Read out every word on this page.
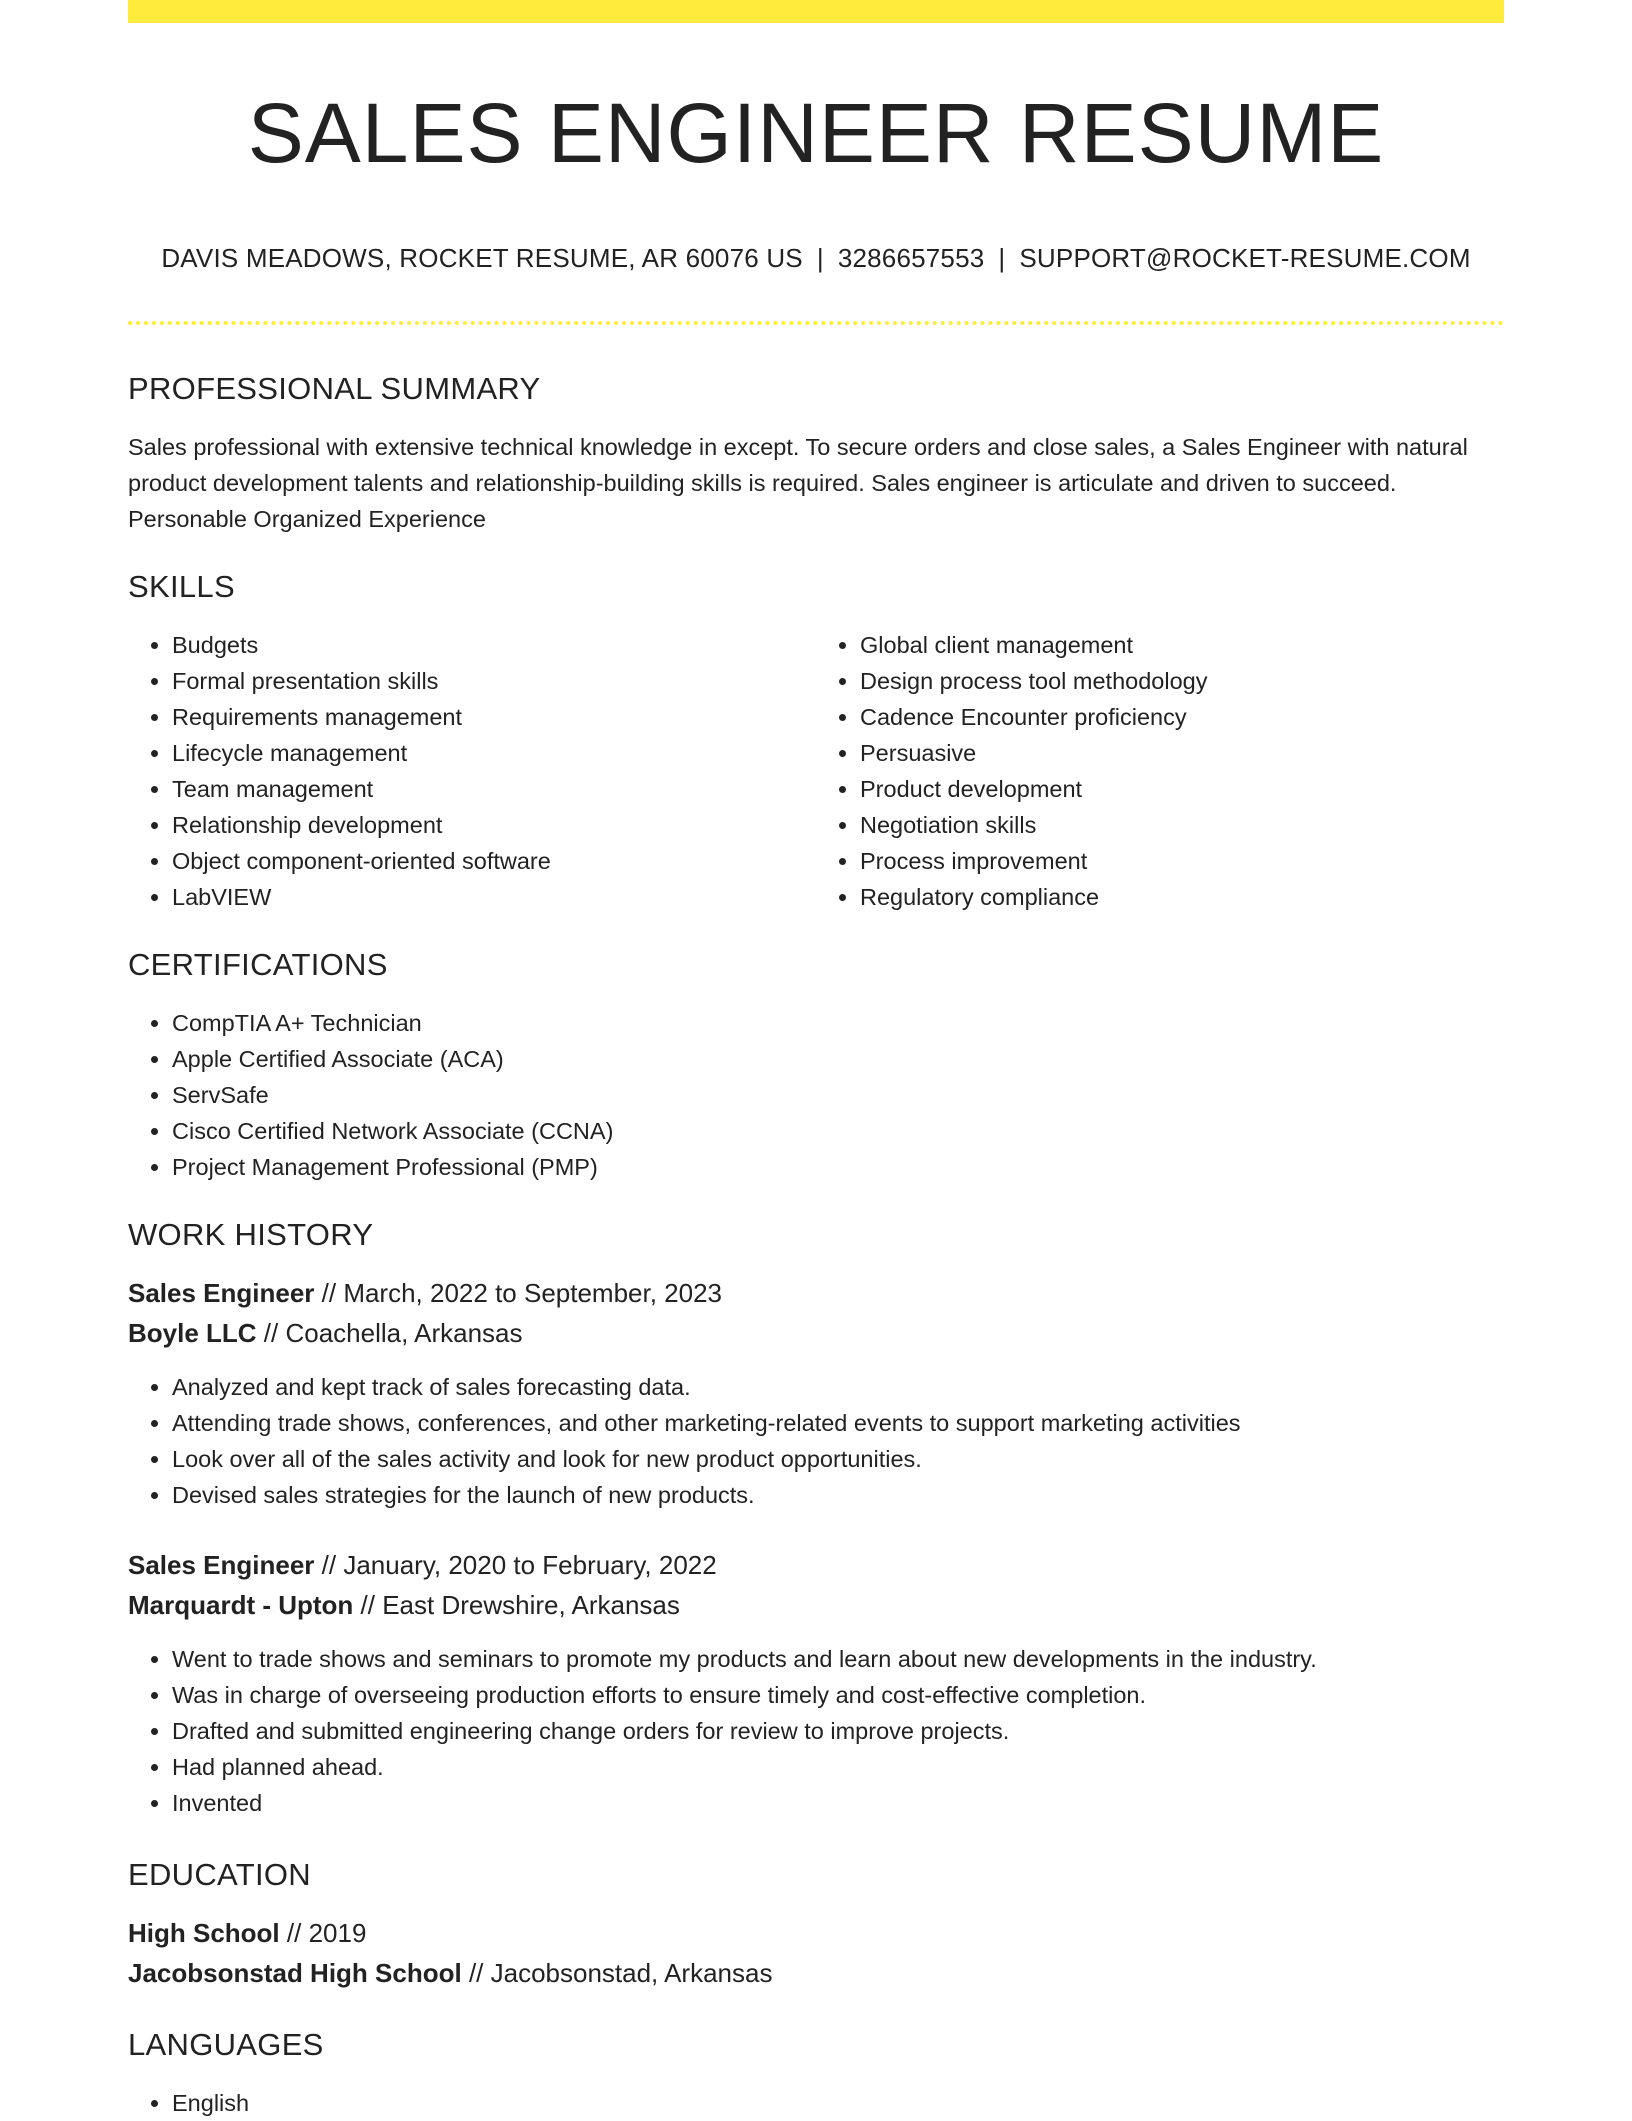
SALES ENGINEER RESUME
DAVIS MEADOWS, ROCKET RESUME, AR 60076 US | 3286657553 | SUPPORT@ROCKET-RESUME.COM
PROFESSIONAL SUMMARY
Sales professional with extensive technical knowledge in except. To secure orders and close sales, a Sales Engineer with natural product development talents and relationship-building skills is required. Sales engineer is articulate and driven to succeed. Personable Organized Experience
SKILLS
• Budgets
• Formal presentation skills
• Requirements management
• Lifecycle management
• Team management
• Relationship development
• Object component-oriented software
• LabVIEW
• Global client management
• Design process tool methodology
• Cadence Encounter proficiency
• Persuasive
• Product development
• Negotiation skills
• Process improvement
• Regulatory compliance
CERTIFICATIONS
• CompTIA A+ Technician
• Apple Certified Associate (ACA)
• ServSafe
• Cisco Certified Network Associate (CCNA)
• Project Management Professional (PMP)
WORK HISTORY
Sales Engineer // March, 2022 to September, 2023
Boyle LLC // Coachella, Arkansas
• Analyzed and kept track of sales forecasting data.
• Attending trade shows, conferences, and other marketing-related events to support marketing activities
• Look over all of the sales activity and look for new product opportunities.
• Devised sales strategies for the launch of new products.
Sales Engineer // January, 2020 to February, 2022
Marquardt - Upton // East Drewshire, Arkansas
• Went to trade shows and seminars to promote my products and learn about new developments in the industry.
• Was in charge of overseeing production efforts to ensure timely and cost-effective completion.
• Drafted and submitted engineering change orders for review to improve projects.
• Had planned ahead.
• Invented
EDUCATION
High School // 2019
Jacobsonstad High School // Jacobsonstad, Arkansas
LANGUAGES
• English
